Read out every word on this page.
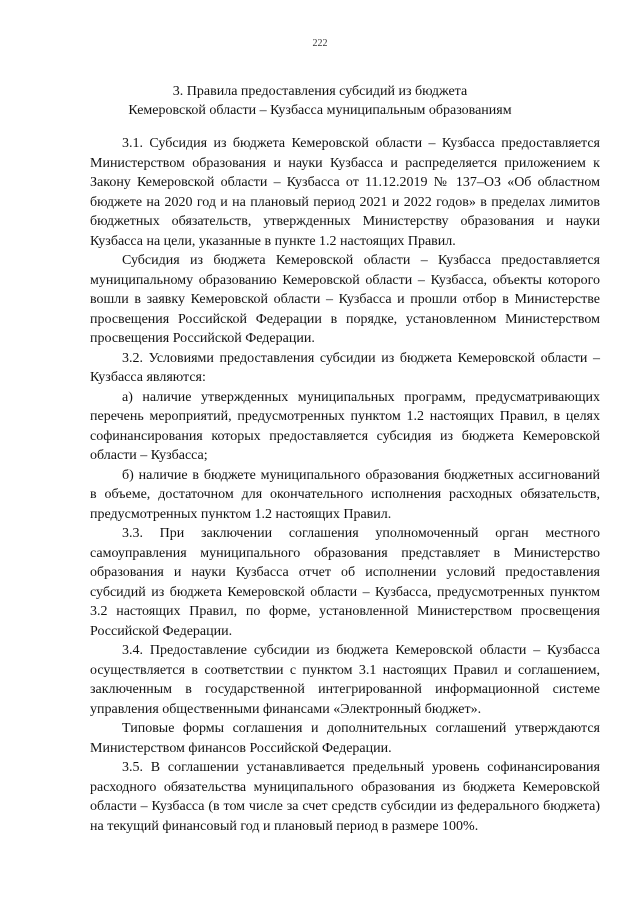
222
3. Правила предоставления субсидий из бюджета
Кемеровской области – Кузбасса муниципальным образованиям

3.1. Субсидия из бюджета Кемеровской области – Кузбасса предоставляется Министерством образования и науки Кузбасса и распределяется приложением к Закону Кемеровской области – Кузбасса от 11.12.2019 № 137–ОЗ «Об областном бюджете на 2020 год и на плановый период 2021 и 2022 годов» в пределах лимитов бюджетных обязательств, утвержденных Министерству образования и науки Кузбасса на цели, указанные в пункте 1.2 настоящих Правил.

Субсидия из бюджета Кемеровской области – Кузбасса предоставляется муниципальному образованию Кемеровской области – Кузбасса, объекты которого вошли в заявку Кемеровской области – Кузбасса и прошли отбор в Министерстве просвещения Российской Федерации в порядке, установленном Министерством просвещения Российской Федерации.

3.2. Условиями предоставления субсидии из бюджета Кемеровской области – Кузбасса являются:

а) наличие утвержденных муниципальных программ, предусматривающих перечень мероприятий, предусмотренных пунктом 1.2 настоящих Правил, в целях софинансирования которых предоставляется субсидия из бюджета Кемеровской области – Кузбасса;

б) наличие в бюджете муниципального образования бюджетных ассигнований в объеме, достаточном для окончательного исполнения расходных обязательств, предусмотренных пунктом 1.2 настоящих Правил.

3.3. При заключении соглашения уполномоченный орган местного самоуправления муниципального образования представляет в Министерство образования и науки Кузбасса отчет об исполнении условий предоставления субсидий из бюджета Кемеровской области – Кузбасса, предусмотренных пунктом 3.2 настоящих Правил, по форме, установленной Министерством просвещения Российской Федерации.

3.4. Предоставление субсидии из бюджета Кемеровской области – Кузбасса осуществляется в соответствии с пунктом 3.1 настоящих Правил и соглашением, заключенным в государственной интегрированной информационной системе управления общественными финансами «Электронный бюджет».

Типовые формы соглашения и дополнительных соглашений утверждаются Министерством финансов Российской Федерации.

3.5. В соглашении устанавливается предельный уровень софинансирования расходного обязательства муниципального образования из бюджета Кемеровской области – Кузбасса (в том числе за счет средств субсидии из федерального бюджета) на текущий финансовый год и плановый период в размере 100%.
